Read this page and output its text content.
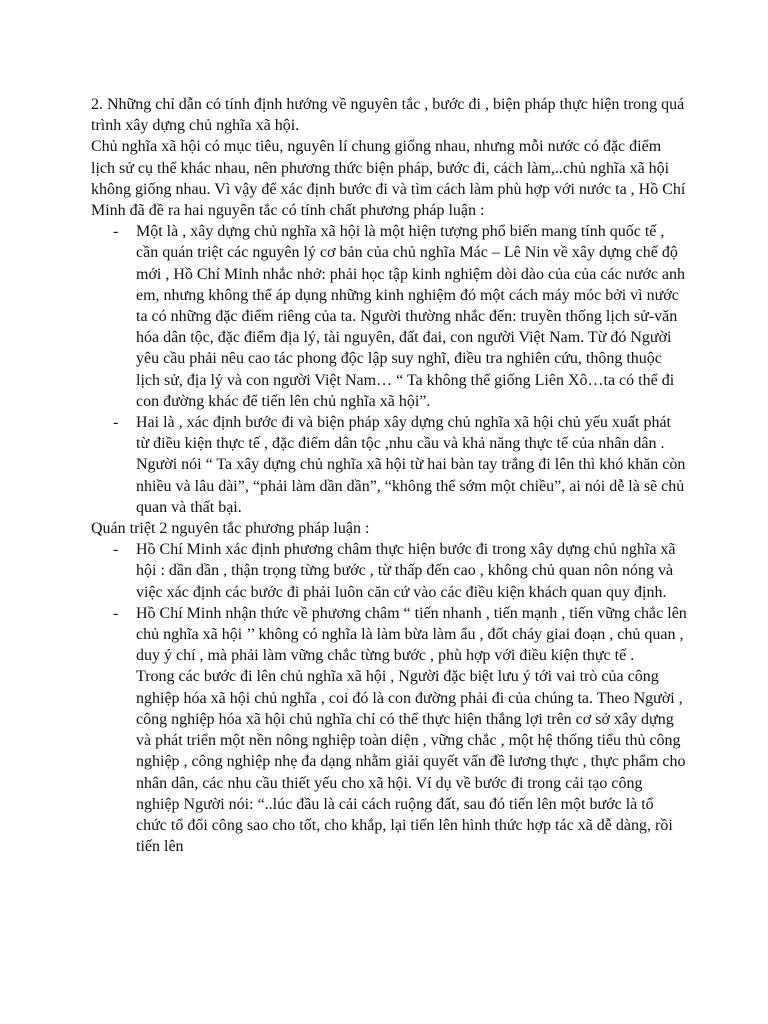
2. Những chỉ dẫn có tính định hướng về nguyên tắc , bước đi , biện pháp thực hiện trong quá trình xây dựng chủ nghĩa xã hội.

Chủ nghĩa xã hội có mục tiêu, nguyên lí chung giống nhau, nhưng mỗi nước có đặc điểm lịch sử cụ thể khác nhau, nên phương thức biện pháp, bước đi, cách làm,..chủ nghĩa xã hội không giống nhau. Vì vậy để xác định bước đi và tìm cách làm phù hợp với nước ta , Hồ Chí Minh đã đề ra hai nguyên tắc có tính chất phương pháp luận :

- Một là , xây dựng chủ nghĩa xã hội là một hiện tượng phổ biến mang tính quốc tế , cần quán triệt các nguyên lý cơ bản của chủ nghĩa Mác – Lê Nin về xây dựng chế độ mới , Hồ Chí Minh nhắc nhở: phải học tập kinh nghiệm dòi dào của của các nước anh em, nhưng không thể áp dụng những kinh nghiệm đó một cách máy móc bởi vì nước ta có những đặc điểm riêng của ta. Người thường nhắc đến: truyền thống lịch sử-văn hóa dân tộc, đặc điểm địa lý, tài nguyên, đất đai, con người Việt Nam. Từ đó Người yêu cầu phải nêu cao tác phong độc lập suy nghĩ, điều tra nghiên cứu, thông thuộc lịch sử, địa lý và con người Việt Nam… “ Ta không thể giống Liên Xô…ta có thể đi con đường khác để tiến lên chủ nghĩa xã hội”.
- Hai là , xác định bước đi và biện pháp xây dựng chủ nghĩa xã hội chủ yếu xuất phát từ điều kiện thực tế , đặc điểm dân tộc ,nhu cầu và khả năng thực tế của nhân dân . Người nói “ Ta xây dựng chủ nghĩa xã hội từ hai bàn tay trắng đi lên thì khó khăn còn nhiều và lâu dài”, “phải làm dần dần”, “không thể sớm một chiều”, ai nói dễ là sẽ chủ quan và thất bại.

Quán triệt 2 nguyên tắc phương pháp luận :

- Hồ Chí Minh xác định phương châm thực hiện bước đi trong xây dựng chủ nghĩa xã hội : dần dần , thận trọng từng bước , từ thấp đến cao , không chủ quan nôn nóng và việc xác định các bước đi phải luôn căn cứ vào các điều kiện khách quan quy định.
- Hồ Chí Minh nhận thức về phương châm “ tiến nhanh , tiến mạnh , tiến vững chắc lên chủ nghĩa xã hội ’’ không có nghĩa là làm bừa làm ẩu , đốt cháy giai đoạn , chủ quan , duy ý chí , mà phải làm vững chắc từng bước , phù hợp với điều kiện thực tế .

Trong các bước đi lên chủ nghĩa xã hội , Người đặc biệt lưu ý tới vai trò của công nghiệp hóa xã hội chủ nghĩa , coi đó là con đường phải đi của chúng ta. Theo Người , công nghiệp hóa xã hội chủ nghĩa chỉ có thể thực hiện thắng lợi trên cơ sở xây dựng và phát triển một nền nông nghiệp toàn diện , vững chắc , một hệ thống tiểu thủ công nghiệp , công nghiệp nhẹ đa dạng nhằm giải quyết vấn đề lương thực , thực phẩm cho nhân dân, các nhu cầu thiết yếu cho xã hội. Ví dụ về bước đi trong cải tạo công nghiệp Người nói: “..lúc đầu là cải cách ruộng đất, sau đó tiến lên một bước là tổ chức tổ đổi công sao cho tốt, cho khắp, lại tiến lên hình thức hợp tác xã dễ dàng, rồi tiến lên
